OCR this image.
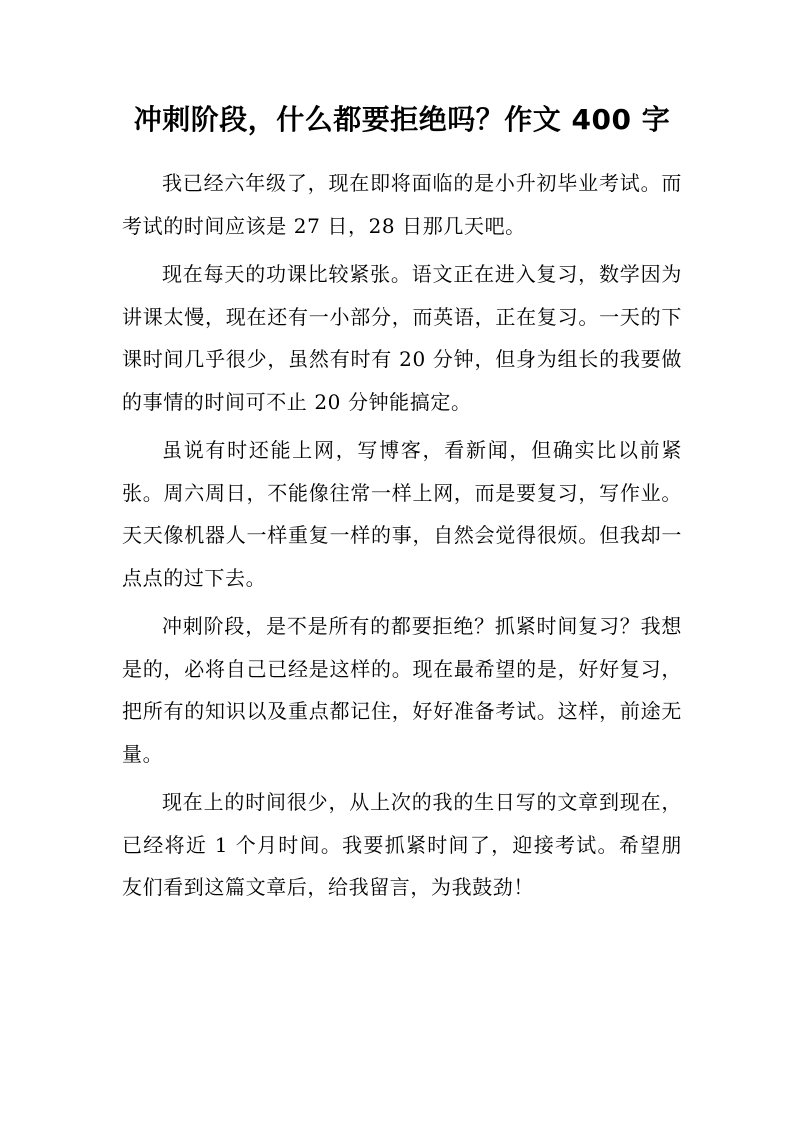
冲刺阶段，什么都要拒绝吗？作文 400 字

我已经六年级了，现在即将面临的是小升初毕业考试。而考试的时间应该是 27 日，28 日那几天吧。

现在每天的功课比较紧张。语文正在进入复习，数学因为讲课太慢，现在还有一小部分，而英语，正在复习。一天的下课时间几乎很少，虽然有时有 20 分钟，但身为组长的我要做的事情的时间可不止 20 分钟能搞定。

虽说有时还能上网，写博客，看新闻，但确实比以前紧张。周六周日，不能像往常一样上网，而是要复习，写作业。天天像机器人一样重复一样的事，自然会觉得很烦。但我却一点点的过下去。

冲刺阶段，是不是所有的都要拒绝？抓紧时间复习？我想是的，必将自己已经是这样的。现在最希望的是，好好复习，把所有的知识以及重点都记住，好好准备考试。这样，前途无量。

现在上的时间很少，从上次的我的生日写的文章到现在，已经将近 1 个月时间。我要抓紧时间了，迎接考试。希望朋友们看到这篇文章后，给我留言，为我鼓劲！
